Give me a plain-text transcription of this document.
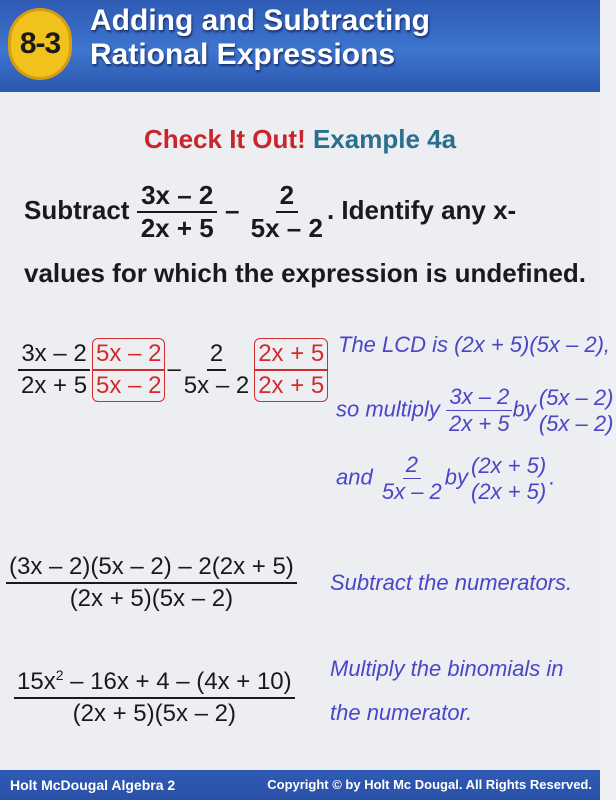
8-3
Adding and Subtracting
Rational Expressions
Check It Out! Example 4a
Subtract $\frac{3x - 2}{2x + 5} - \frac{2}{5x - 2}$ . Identify any x-
values for which the expression is undefined.
$\frac{3x - 2}{2x + 5} \frac{5x - 2}{5x - 2} - \frac{2}{5x - 2} \frac{2x + 5}{2x + 5}$ The LCD is (2x + 5)(5x – 2),
so multiply $\frac{3x - 2}{2x + 5}$ by (5x – 2)
(5x – 2)
and $\frac{2}{5x - 2}$ by (2x + 5)
(2x + 5)
.
$\frac{(3x - 2)(5x - 2) - 2(2x + 5)}{(2x + 5)(5x - 2)}$ Subtract the numerators.
$\frac{15x^2 - 16x + 4 - (4x + 10)}{(2x + 5)(5x - 2)}$ Multiply the binomials in
the numerator.
Holt McDougal Algebra 2	Copyright © by Holt Mc Dougal. All Rights Reserved.
